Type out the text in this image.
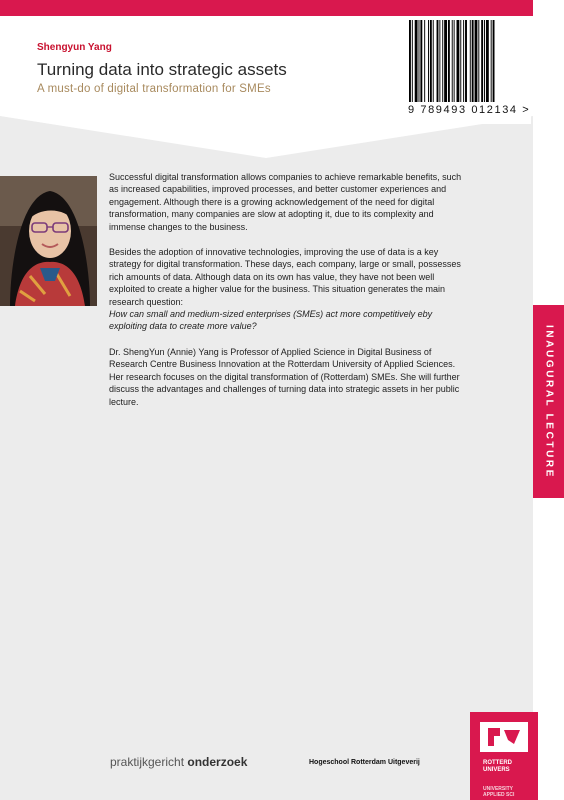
Shengyun Yang
Turning data into strategic assets
A must-do of digital transformation for SMEs
9 789493 012134 >

Successful digital transformation allows companies to achieve remarkable benefits, such as increased capabilities, improved processes, and better customer experiences and engagement. Although there is a growing acknowledgement of the need for digital transformation, many companies are slow at adopting it, due to its complexity and immense changes to the business.

Besides the adoption of innovative technologies, improving the use of data is a key strategy for digital transformation. These days, each company, large or small, possesses rich amounts of data. Although data on its own has value, they have not been well exploited to create a higher value for the business. This situation generates the main research question:
How can small and medium-sized enterprises (SMEs) act more competitively eby exploiting data to create more value?

Dr. ShengYun (Annie) Yang is Professor of Applied Science in Digital Business of Research Centre Business Innovation at the Rotterdam University of Applied Sciences. Her research focuses on the digital transformation of (Rotterdam) SMEs. She will further discuss the advantages and challenges of turning data into strategic assets in her public lecture.	INAUGURAL LECTURE
praktijkgericht onderzoek	Hogeschool Rotterdam Uitgeverij	ROTTERD
UNIVERS
UNIVERSITY
APPLIED SCI
